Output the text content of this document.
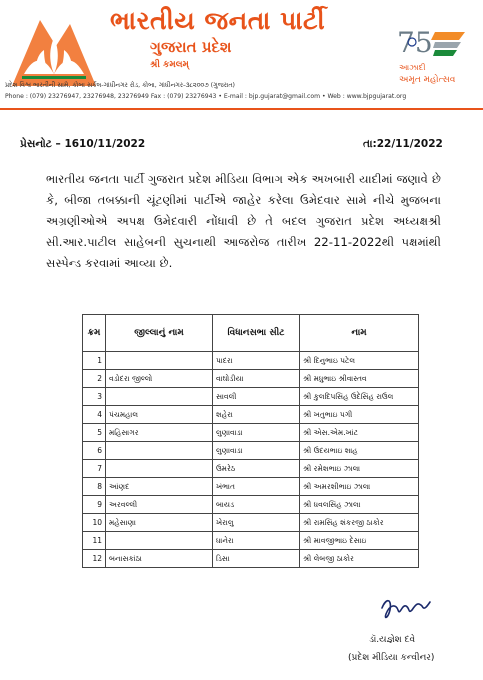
ભારતીય જનતા પાર્ટી
ગુજરાત પ્રદેશ
શ્રી કમલમ્
પ્રદેશ વિશ્વ ભારતીની સામે, કોબા સર્કલ-ગાંધીનગર રોડ, કોબા, ગાંધીનગર-૩૮૨૦૦૭ (ગુજરાત)
Phone : (079) 23276947, 23276948, 23276949 Fax : (079) 23276943 • E-mail : bjp.gujarat@gmail.com • Web : www.bjpgujarat.org
75
આઝાદી
અમૃત મહોત્સવ
પ્રેસનોટ – 1610/11/2022	તા:22/11/2022
ભારતીય જનતા પાર્ટી ગુજરાત પ્રદેશ મીડિયા વિભાગ એક અખબારી યાદીમાં જણાવે છે કે, બીજા તબક્કાની ચૂંટણીમાં પાર્ટીએ જાહેર કરેલા ઉમેદવાર સામે નીચે મુજબના અગ્રણીઓએ અપક્ષ ઉમેદવારી નોંધાવી છે તે બદલ ગુજરાત પ્રદેશ અધ્યક્ષશ્રી સી.આર.પાટીલ સાહેબની સુચનાથી આજરોજ તારીખ 22-11-2022થી પક્ષમાંથી સસ્પેન્ડ કરવામાં આવ્યા છે.
ક્રમ	જીલ્લાનું નામ	વિધાનસભા સીટ	નામ
1		પાદરા	શ્રી દિનુભાઇ પટેલ
2	વડોદરા જીલ્લો	વાઘોડીયા	શ્રી મધુભાઇ શ્રીવાસ્તવ
3		સાવલી	શ્રી કુલદિપસિંહ ઉદેસિંહ રાઉલ
4	પંચમહાલ	શહેરા	શ્રી ખતુભાઇ પગી
5	મહિસાગર	લુણાવાડા	શ્રી એસ.એમ.ખાંટ
6		લુણાવાડા	શ્રી ઉદયભાઇ શાહ
7		ઉમરેઠ	શ્રી રમેશભાઇ ઝાલા
8	આંણદ	ખંભાત	શ્રી અમરશીભાઇ ઝાલા
9	અરવલ્લી	બાયડ	શ્રી ધવલસિંહ ઝાલા
10	મહેસાણા	ખેરાલુ	શ્રી રામસિંહ શંકરજી ઠાકોર
11		ધાનેરા	શ્રી માવજીભાઇ દેસાઇ
12	બનાસકાંઠા	ડિસા	શ્રી લેબજી ઠાકોર
ડૉ.યજ્ઞેશ દવે
(પ્રદેશ મીડિયા કન્વીનર)
